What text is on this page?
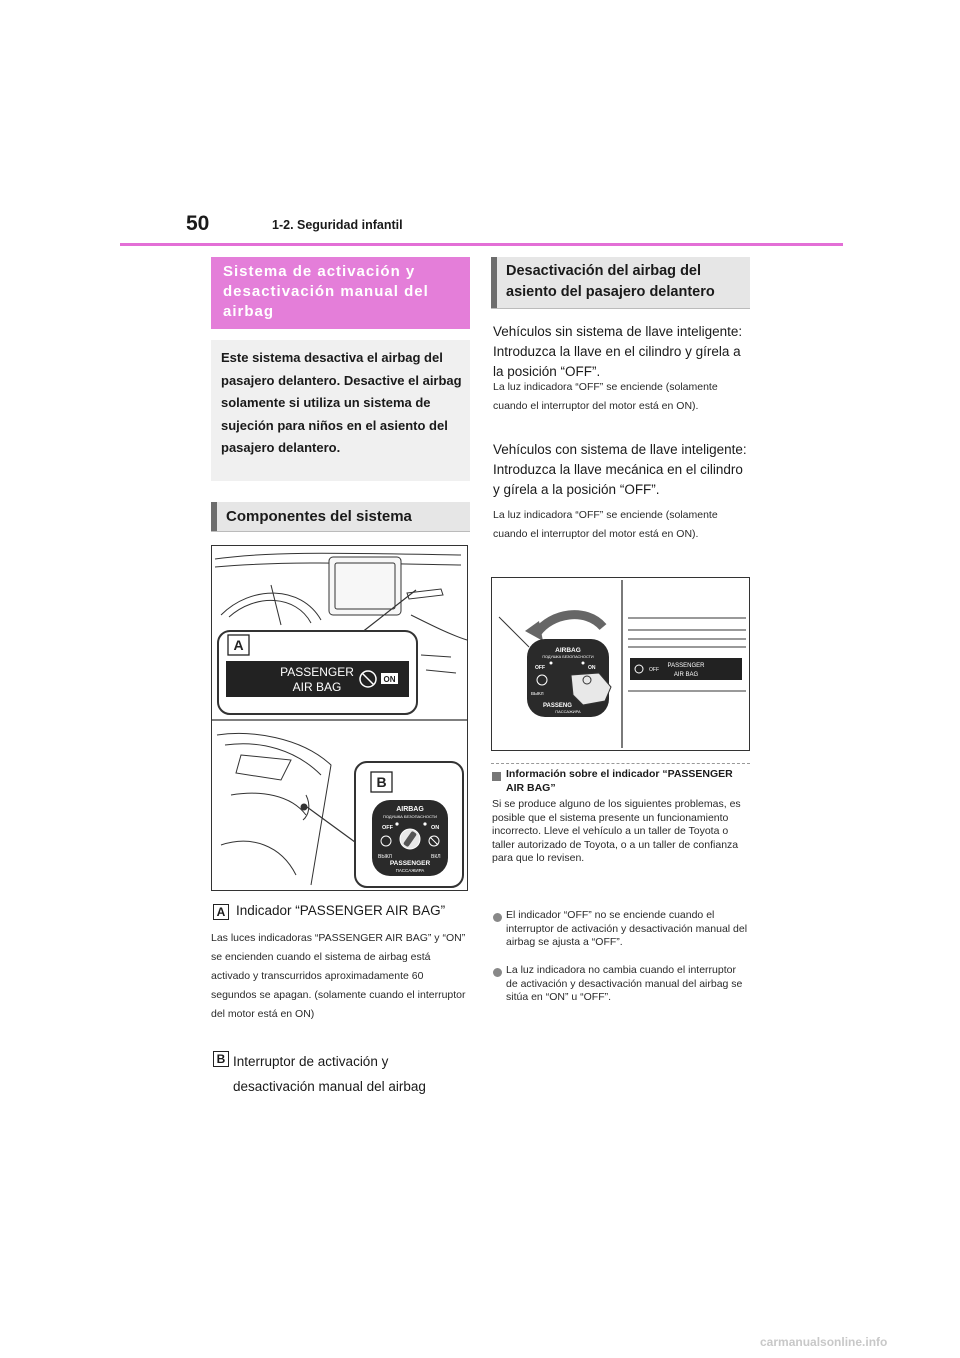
50	1-2. Seguridad infantil
Sistema de activación y desactivación manual del airbag
Este sistema desactiva el airbag del pasajero delantero. Desactive el airbag solamente si utiliza un sistema de sujeción para niños en el asiento del pasajero delantero.
Componentes del sistema
A
PASSENGER
AIR BAG
ON
B
AIRBAG
ПОДУШКА БЕЗОПАСНОСТИ
OFF	ON
ВЫКЛ	ВКЛ
PASSENGER
ПАССАЖИРА
A Indicador “PASSENGER AIR BAG”
Las luces indicadoras “PASSENGER AIR BAG” y “ON” se encienden cuando el sistema de airbag está activado y transcurridos aproximadamente 60 segundos se apagan. (solamente cuando el interruptor del motor está en ON)
B Interruptor de activación y desactivación manual del airbag
Desactivación del airbag del asiento del pasajero delantero
Vehículos sin sistema de llave inteligente: Introduzca la llave en el cilindro y gírela a la posición “OFF”.
La luz indicadora “OFF” se enciende (solamente cuando el interruptor del motor está en ON).
Vehículos con sistema de llave inteligente: Introduzca la llave mecánica en el cilindro y gírela a la posición “OFF”.
La luz indicadora “OFF” se enciende (solamente cuando el interruptor del motor está en ON).
AIRBAG
ПОДУШКА БЕЗОПАСНОСТИ
OFF	ON
ВЫКЛ
PASSENG
ПАССАЖИРА
OFF
PASSENGER
AIR BAG
Información sobre el indicador “PASSENGER AIR BAG”
Si se produce alguno de los siguientes problemas, es posible que el sistema presente un funcionamiento incorrecto. Lleve el vehículo a un taller de Toyota o taller autorizado de Toyota, o a un taller de confianza para que lo revisen.
El indicador “OFF” no se enciende cuando el interruptor de activación y desactivación manual del airbag se ajusta a “OFF”.
La luz indicadora no cambia cuando el interruptor de activación y desactivación manual del airbag se sitúa en “ON” u “OFF”.
carmanualsonline.info
